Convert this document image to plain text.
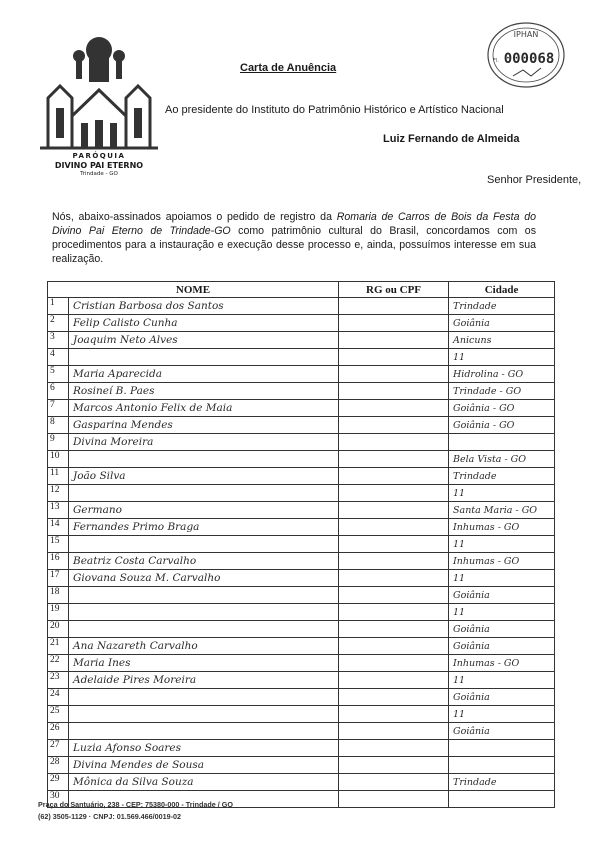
PARÓQUIA
DIVINO PAI ETERNO
Trindade - GO
IPHAN
Fl. 000068
Carta de Anuência
Ao presidente do Instituto do Patrimônio Histórico e Artístico Nacional
Luiz Fernando de Almeida
Senhor Presidente,
Nós, abaixo-assinados apoiamos o pedido de registro da Romaria de Carros de Bois da Festa do Divino Pai Eterno de Trindade-GO como patrimônio cultural do Brasil, concordamos com os procedimentos para a instauração e execução desse processo e, ainda, possuímos interesse em sua realização.
NOME		RG ou CPF	Cidade
1	Cristian Barbosa dos Santos		Trindade
2	Felip Calisto Cunha		Goiânia
3	Joaquim Neto Alves		Anicuns
4			11
5	Maria Aparecida		Hidrolina - GO
6	Rosineí B. Paes		Trindade - GO
7	Marcos Antonio Felix de Maia		Goiânia - GO
8	Gasparina Mendes		Goiânia - GO
9	Divina Moreira		
10			Bela Vista - GO
11	João Silva		Trindade
12			11
13	Germano		Santa Maria - GO
14	Fernandes Primo Braga		Inhumas - GO
15			11
16	Beatriz Costa Carvalho		Inhumas - GO
17	Giovana Souza M. Carvalho		11
18			Goiânia
19			11
20			Goiânia
21	Ana Nazareth Carvalho		Goiânia
22	Maria Ines		Inhumas - GO
23	Adelaide Pires Moreira		11
24			Goiânia
25			11
26			Goiânia
27	Luzia Afonso Soares		
28	Divina Mendes de Sousa		
29	Mônica da Silva Souza		Trindade
30			
Praça do Santuário, 238 - CEP: 75380-000 - Trindade / GO
(62) 3505-1129 · CNPJ: 01.569.466/0019-02
